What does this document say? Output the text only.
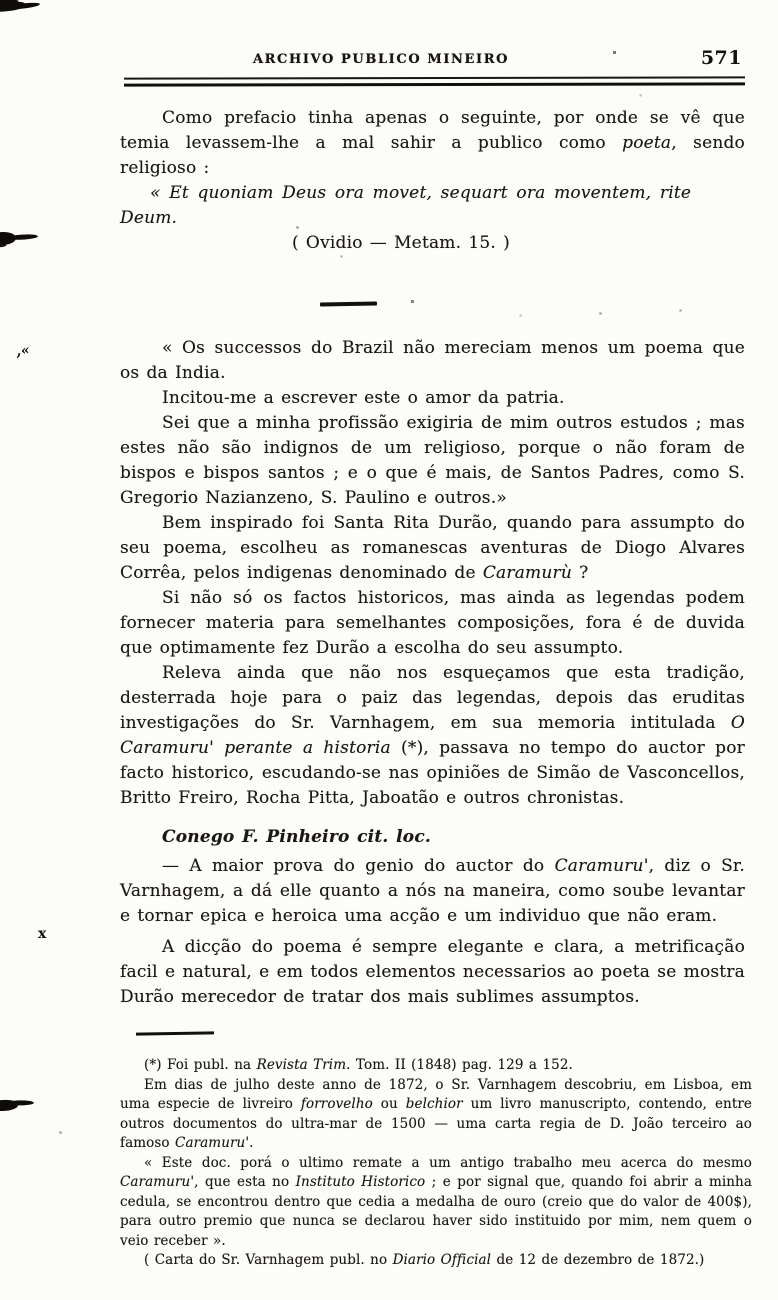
ARCHIVO PUBLICO MINEIRO	571

Como prefacio tinha apenas o seguinte, por onde se vê que temia levassem-lhe a mal sahir a publico como poeta, sendo religioso :

« Et quoniam Deus ora movet, sequart ora moventem, rite Deum.

( Ovidio — Metam. 15. )

« Os successos do Brazil não mereciam menos um poema que os da India.

Incitou-me a escrever este o amor da patria.

Sei que a minha profissão exigiria de mim outros estudos ; mas estes não são indignos de um religioso, porque o não foram de bispos e bispos santos ; e o que é mais, de Santos Padres, como S. Gregorio Nazianzeno, S. Paulino e outros.»

Bem inspirado foi Santa Rita Durão, quando para assumpto do seu poema, escolheu as romanescas aventuras de Diogo Alvares Corrêa, pelos indigenas denominado de Caramurù ?

Si não só os factos historicos, mas ainda as legendas podem fornecer materia para semelhantes composições, fora é de duvida que optimamente fez Durão a escolha do seu assumpto.

Releva ainda que não nos esqueçamos que esta tradição, desterrada hoje para o paiz das legendas, depois das eruditas investigações do Sr. Varnhagem, em sua memoria intitulada O Caramuru' perante a historia (*), passava no tempo do auctor por facto historico, escudando-se nas opiniões de Simão de Vasconcellos, Britto Freiro, Rocha Pitta, Jaboatão e outros chronistas.

Conego F. Pinheiro cit. loc.

— A maior prova do genio do auctor do Caramuru', diz o Sr. Varnhagem, a dá elle quanto a nós na maneira, como soube levantar e tornar epica e heroica uma acção e um individuo que não eram.

A dicção do poema é sempre elegante e clara, a metrificação facil e natural, e em todos elementos necessarios ao poeta se mostra Durão merecedor de tratar dos mais sublimes assumptos.

(*) Foi publ. na Revista Trim. Tom. II (1848) pag. 129 a 152.

Em dias de julho deste anno de 1872, o Sr. Varnhagem descobriu, em Lisboa, em uma especie de livreiro forrovelho ou belchior um livro manuscripto, contendo, entre outros documentos do ultra-mar de 1500 — uma carta regia de D. João terceiro ao famoso Caramuru'.

« Este doc. porá o ultimo remate a um antigo trabalho meu acerca do mesmo Caramuru', que esta no Instituto Historico ; e por signal que, quando foi abrir a minha cedula, se encontrou dentro que cedia a medalha de ouro (creio que do valor de 400$), para outro premio que nunca se declarou haver sido instituido por mim, nem quem o veio receber ».

( Carta do Sr. Varnhagem publ. no Diario Official de 12 de dezembro de 1872.)

,«
x
